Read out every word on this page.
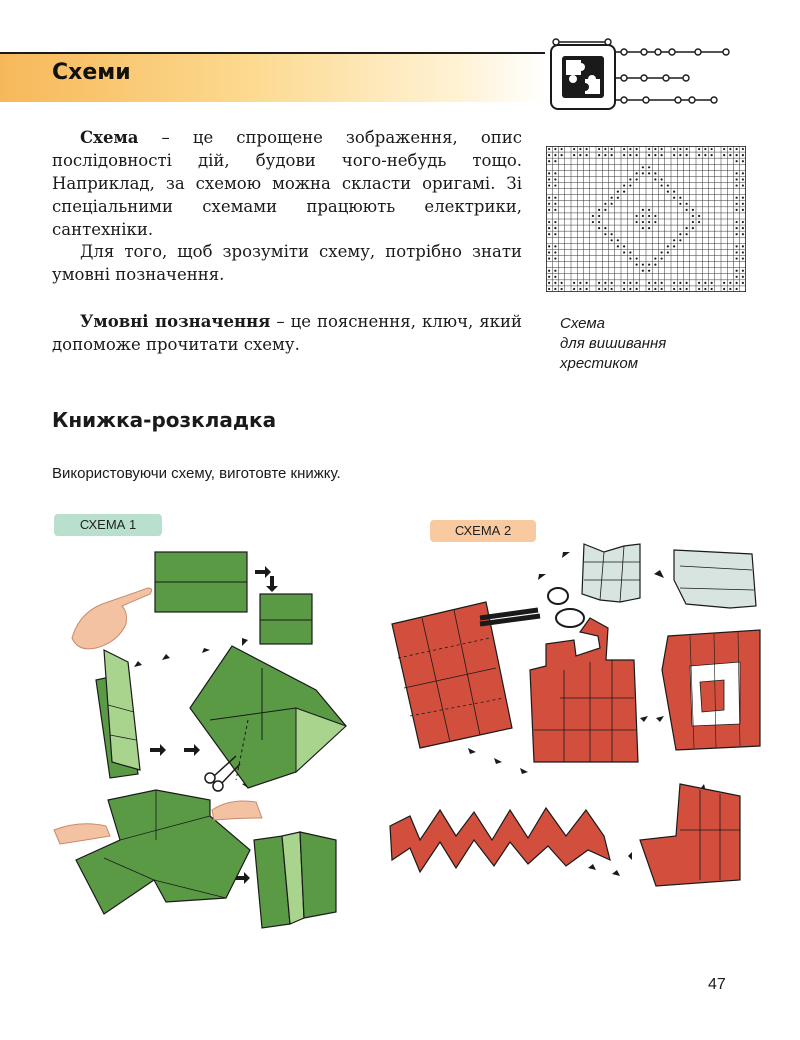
Схеми

Схема – це спрощене зображення, опис послідовності дій, будови чого-небудь тощо. Наприклад, за схемою можна скласти оригамі. Зі спеціальними схемами працюють електрики, сантехніки.

Для того, щоб зрозуміти схему, потрібно знати умовні позначення.

Умовні позначення – це пояснення, ключ, який допоможе прочитати схему.

Схема
для вишивання
хрестиком

Книжка-розкладка

Використовуючи схему, виготовте книжку.

СХЕМА 1	СХЕМА 2

47
